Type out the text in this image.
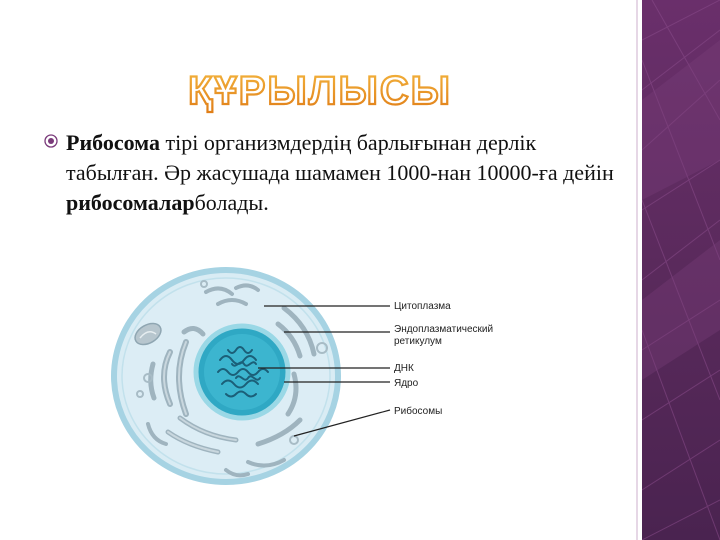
ҚҰРЫЛЫСЫ

Рибосома тірі организмдердің барлығынан дерлік табылған. Әр жасушада шамамен 1000-нан 10000-ға дейін рибосомаларболады.

Цитоплазма
Эндоплазматический
ретикулум
ДНК
Ядро
Рибосомы
